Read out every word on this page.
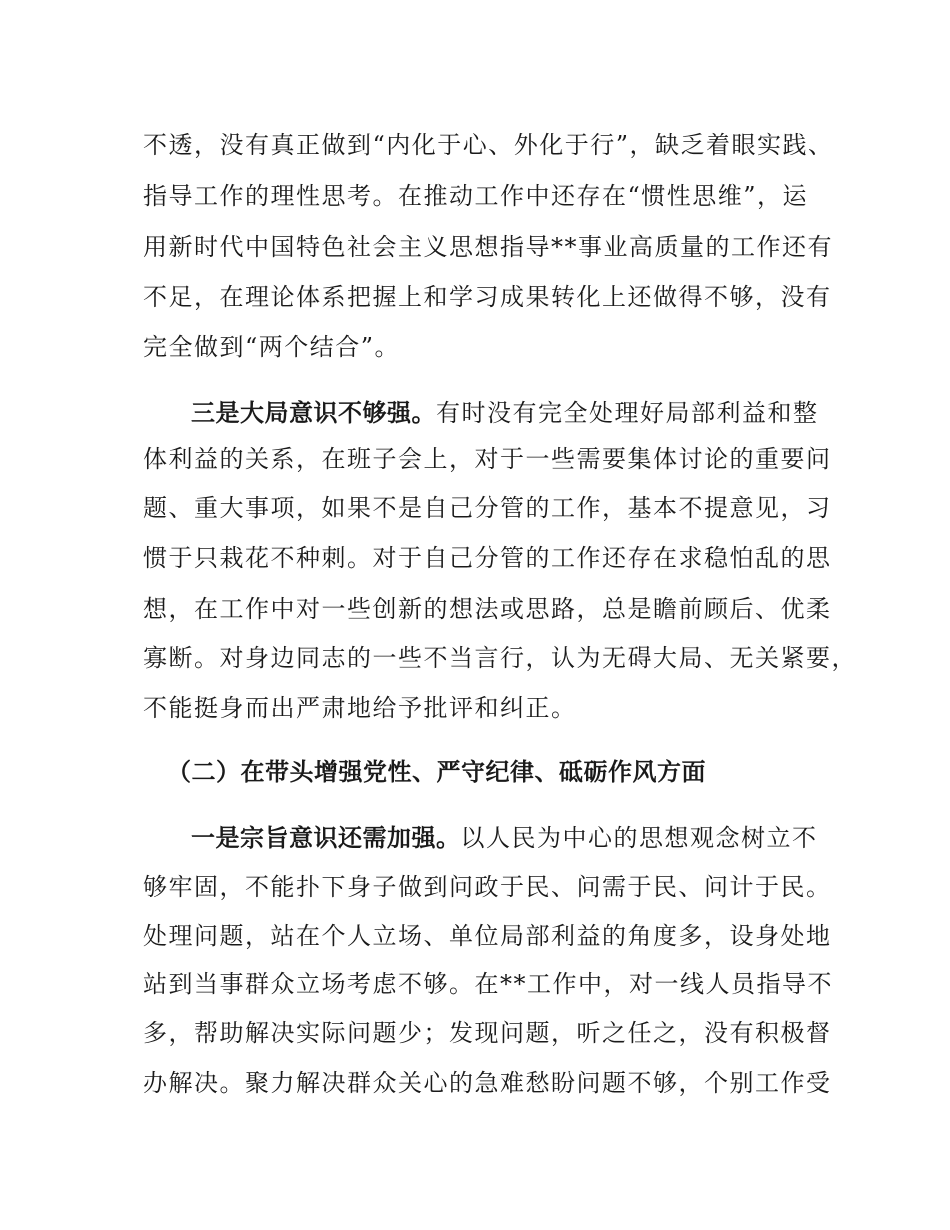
不透，没有真正做到“内化于心、外化于行”，缺乏着眼实践、
指导工作的理性思考。在推动工作中还存在“惯性思维”，运
用新时代中国特色社会主义思想指导**事业高质量的工作还有
不足，在理论体系把握上和学习成果转化上还做得不够，没有
完全做到“两个结合”。
三是大局意识不够强。有时没有完全处理好局部利益和整
体利益的关系，在班子会上，对于一些需要集体讨论的重要问
题、重大事项，如果不是自己分管的工作，基本不提意见，习
惯于只栽花不种刺。对于自己分管的工作还存在求稳怕乱的思
想，在工作中对一些创新的想法或思路，总是瞻前顾后、优柔
寡断。对身边同志的一些不当言行，认为无碍大局、无关紧要，
不能挺身而出严肃地给予批评和纠正。
（二）在带头增强党性、严守纪律、砥砺作风方面
一是宗旨意识还需加强。以人民为中心的思想观念树立不
够牢固，不能扑下身子做到问政于民、问需于民、问计于民。
处理问题，站在个人立场、单位局部利益的角度多，设身处地
站到当事群众立场考虑不够。在**工作中，对一线人员指导不
多，帮助解决实际问题少；发现问题，听之任之，没有积极督
办解决。聚力解决群众关心的急难愁盼问题不够，个别工作受
